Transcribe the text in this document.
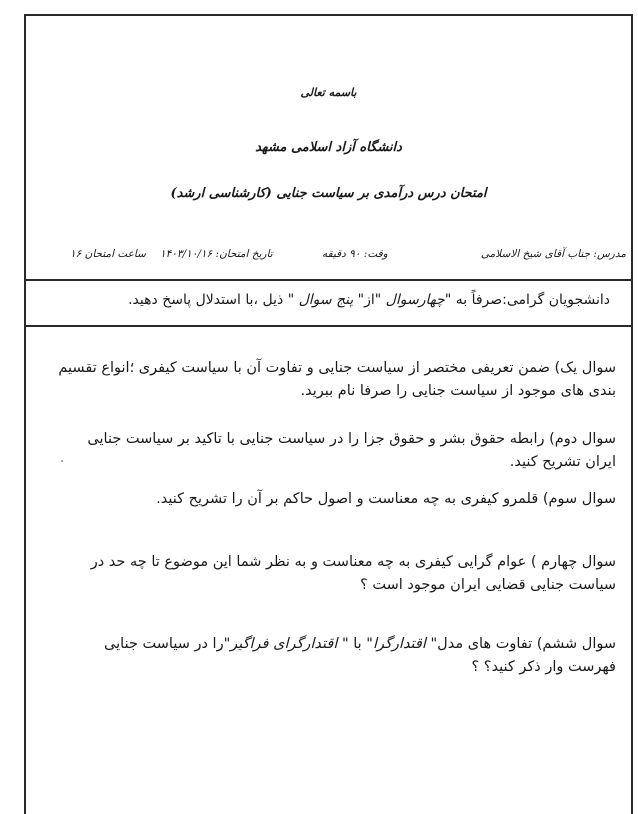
باسمه تعالی
دانشگاه آزاد اسلامی مشهد
امتحان درس درآمدی بر سیاست جنایی (کارشناسی ارشد)
مدرس: جناب آقای شیخ الاسلامی
وقت: ۹۰ دقیقه
تاریخ امتحان: ۱۴۰۳/۱۰/۱۶
ساعت امتحان ۱۶
دانشجویان گرامی:صرفاً به "چهارسوال "از" پنج سوال " ذیل ،با استدلال پاسخ دهید.
سوال یک) ضمن تعریفی مختصر از سیاست جنایی و تفاوت آن با سیاست کیفری ؛انواع تقسیم بندی های موجود از سیاست جنایی را صرفا نام ببرید.
سوال دوم) رابطه حقوق بشر و حقوق جزا را در سیاست جنایی با تاکید بر سیاست جنایی ایران تشریح کنید.
سوال سوم) قلمرو کیفری به چه معناست و اصول حاکم بر آن را تشریح کنید.
سوال چهارم ) عوام گرایی کیفری به چه معناست و به نظر شما این موضوع تا چه حد در سیاست جنایی قضایی ایران موجود است ؟
سوال ششم) تفاوت های مدل" اقتدارگرا" با " اقتدارگرای فراگیر"را در سیاست جنایی فهرست وار ذکر کنید؟ ؟
